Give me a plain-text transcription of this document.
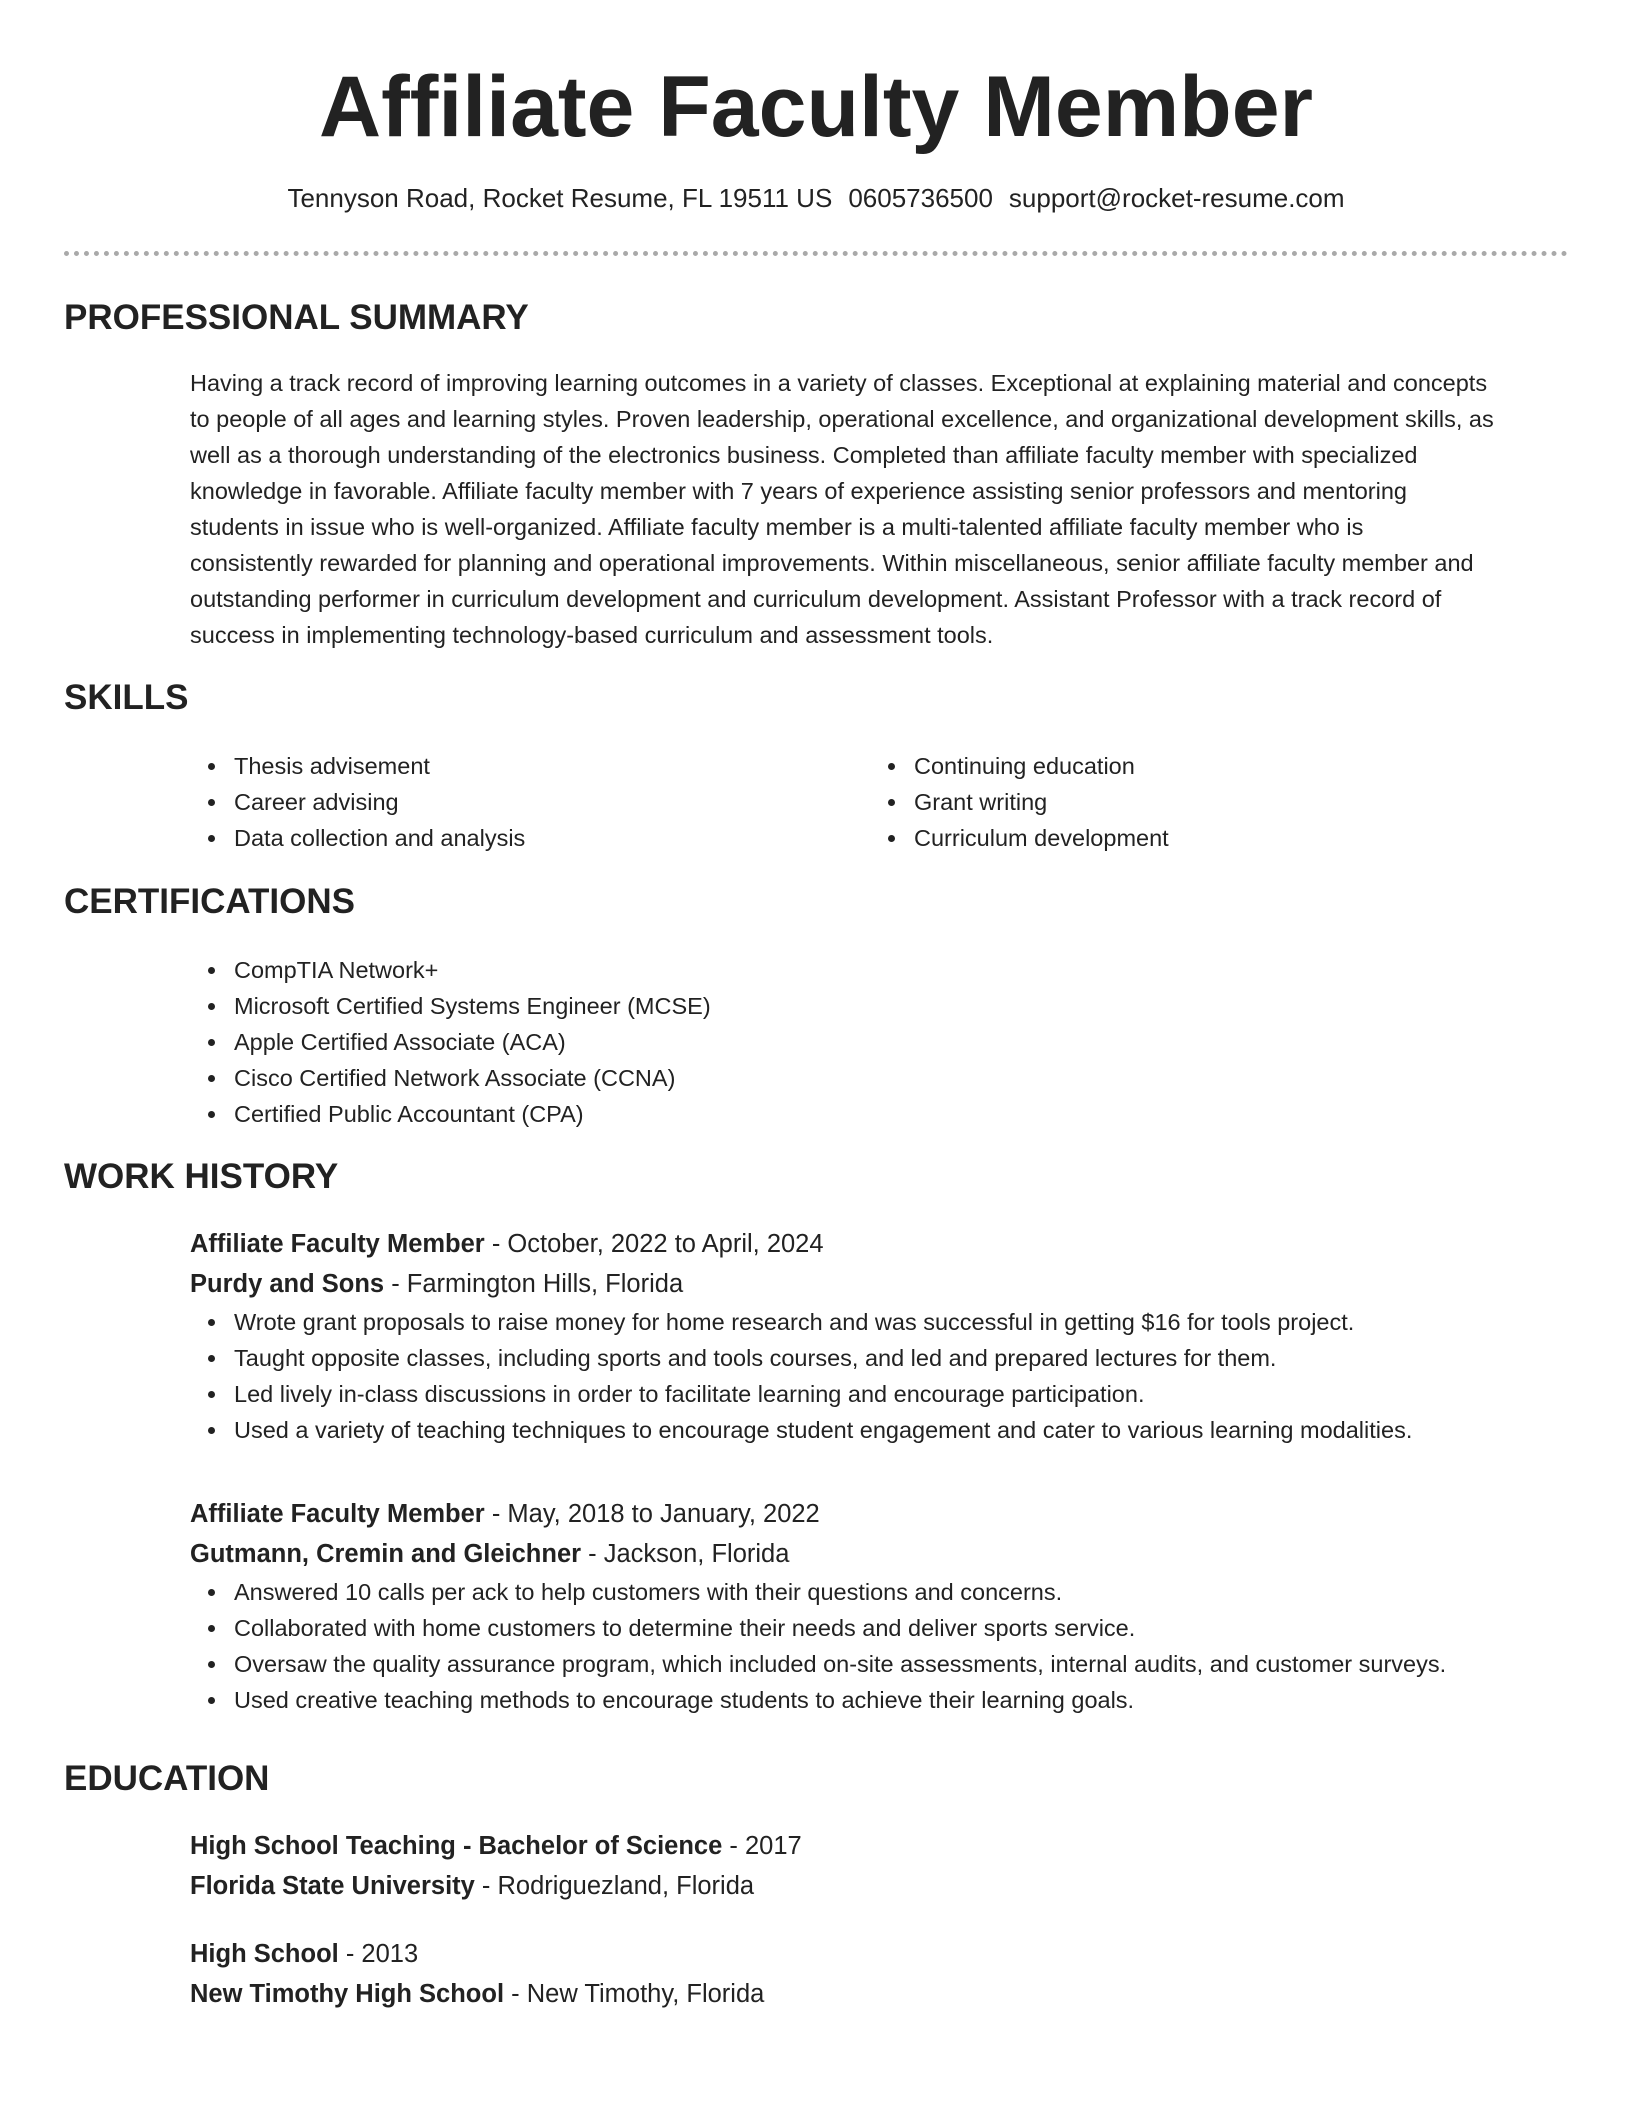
Affiliate Faculty Member
Tennyson Road, Rocket Resume, FL 19511 US 0605736500 support@rocket-resume.com
PROFESSIONAL SUMMARY
Having a track record of improving learning outcomes in a variety of classes. Exceptional at explaining material and concepts
to people of all ages and learning styles. Proven leadership, operational excellence, and organizational development skills, as
well as a thorough understanding of the electronics business. Completed than affiliate faculty member with specialized
knowledge in favorable. Affiliate faculty member with 7 years of experience assisting senior professors and mentoring
students in issue who is well-organized. Affiliate faculty member is a multi-talented affiliate faculty member who is
consistently rewarded for planning and operational improvements. Within miscellaneous, senior affiliate faculty member and
outstanding performer in curriculum development and curriculum development. Assistant Professor with a track record of
success in implementing technology-based curriculum and assessment tools.
SKILLS
Thesis advisement
Career advising
Data collection and analysis
Continuing education
Grant writing
Curriculum development
CERTIFICATIONS
CompTIA Network+
Microsoft Certified Systems Engineer (MCSE)
Apple Certified Associate (ACA)
Cisco Certified Network Associate (CCNA)
Certified Public Accountant (CPA)
WORK HISTORY
Affiliate Faculty Member - October, 2022 to April, 2024
Purdy and Sons - Farmington Hills, Florida
Wrote grant proposals to raise money for home research and was successful in getting $16 for tools project.
Taught opposite classes, including sports and tools courses, and led and prepared lectures for them.
Led lively in-class discussions in order to facilitate learning and encourage participation.
Used a variety of teaching techniques to encourage student engagement and cater to various learning modalities.
Affiliate Faculty Member - May, 2018 to January, 2022
Gutmann, Cremin and Gleichner - Jackson, Florida
Answered 10 calls per ack to help customers with their questions and concerns.
Collaborated with home customers to determine their needs and deliver sports service.
Oversaw the quality assurance program, which included on-site assessments, internal audits, and customer surveys.
Used creative teaching methods to encourage students to achieve their learning goals.
EDUCATION
High School Teaching - Bachelor of Science - 2017
Florida State University - Rodriguezland, Florida
High School - 2013
New Timothy High School - New Timothy, Florida
